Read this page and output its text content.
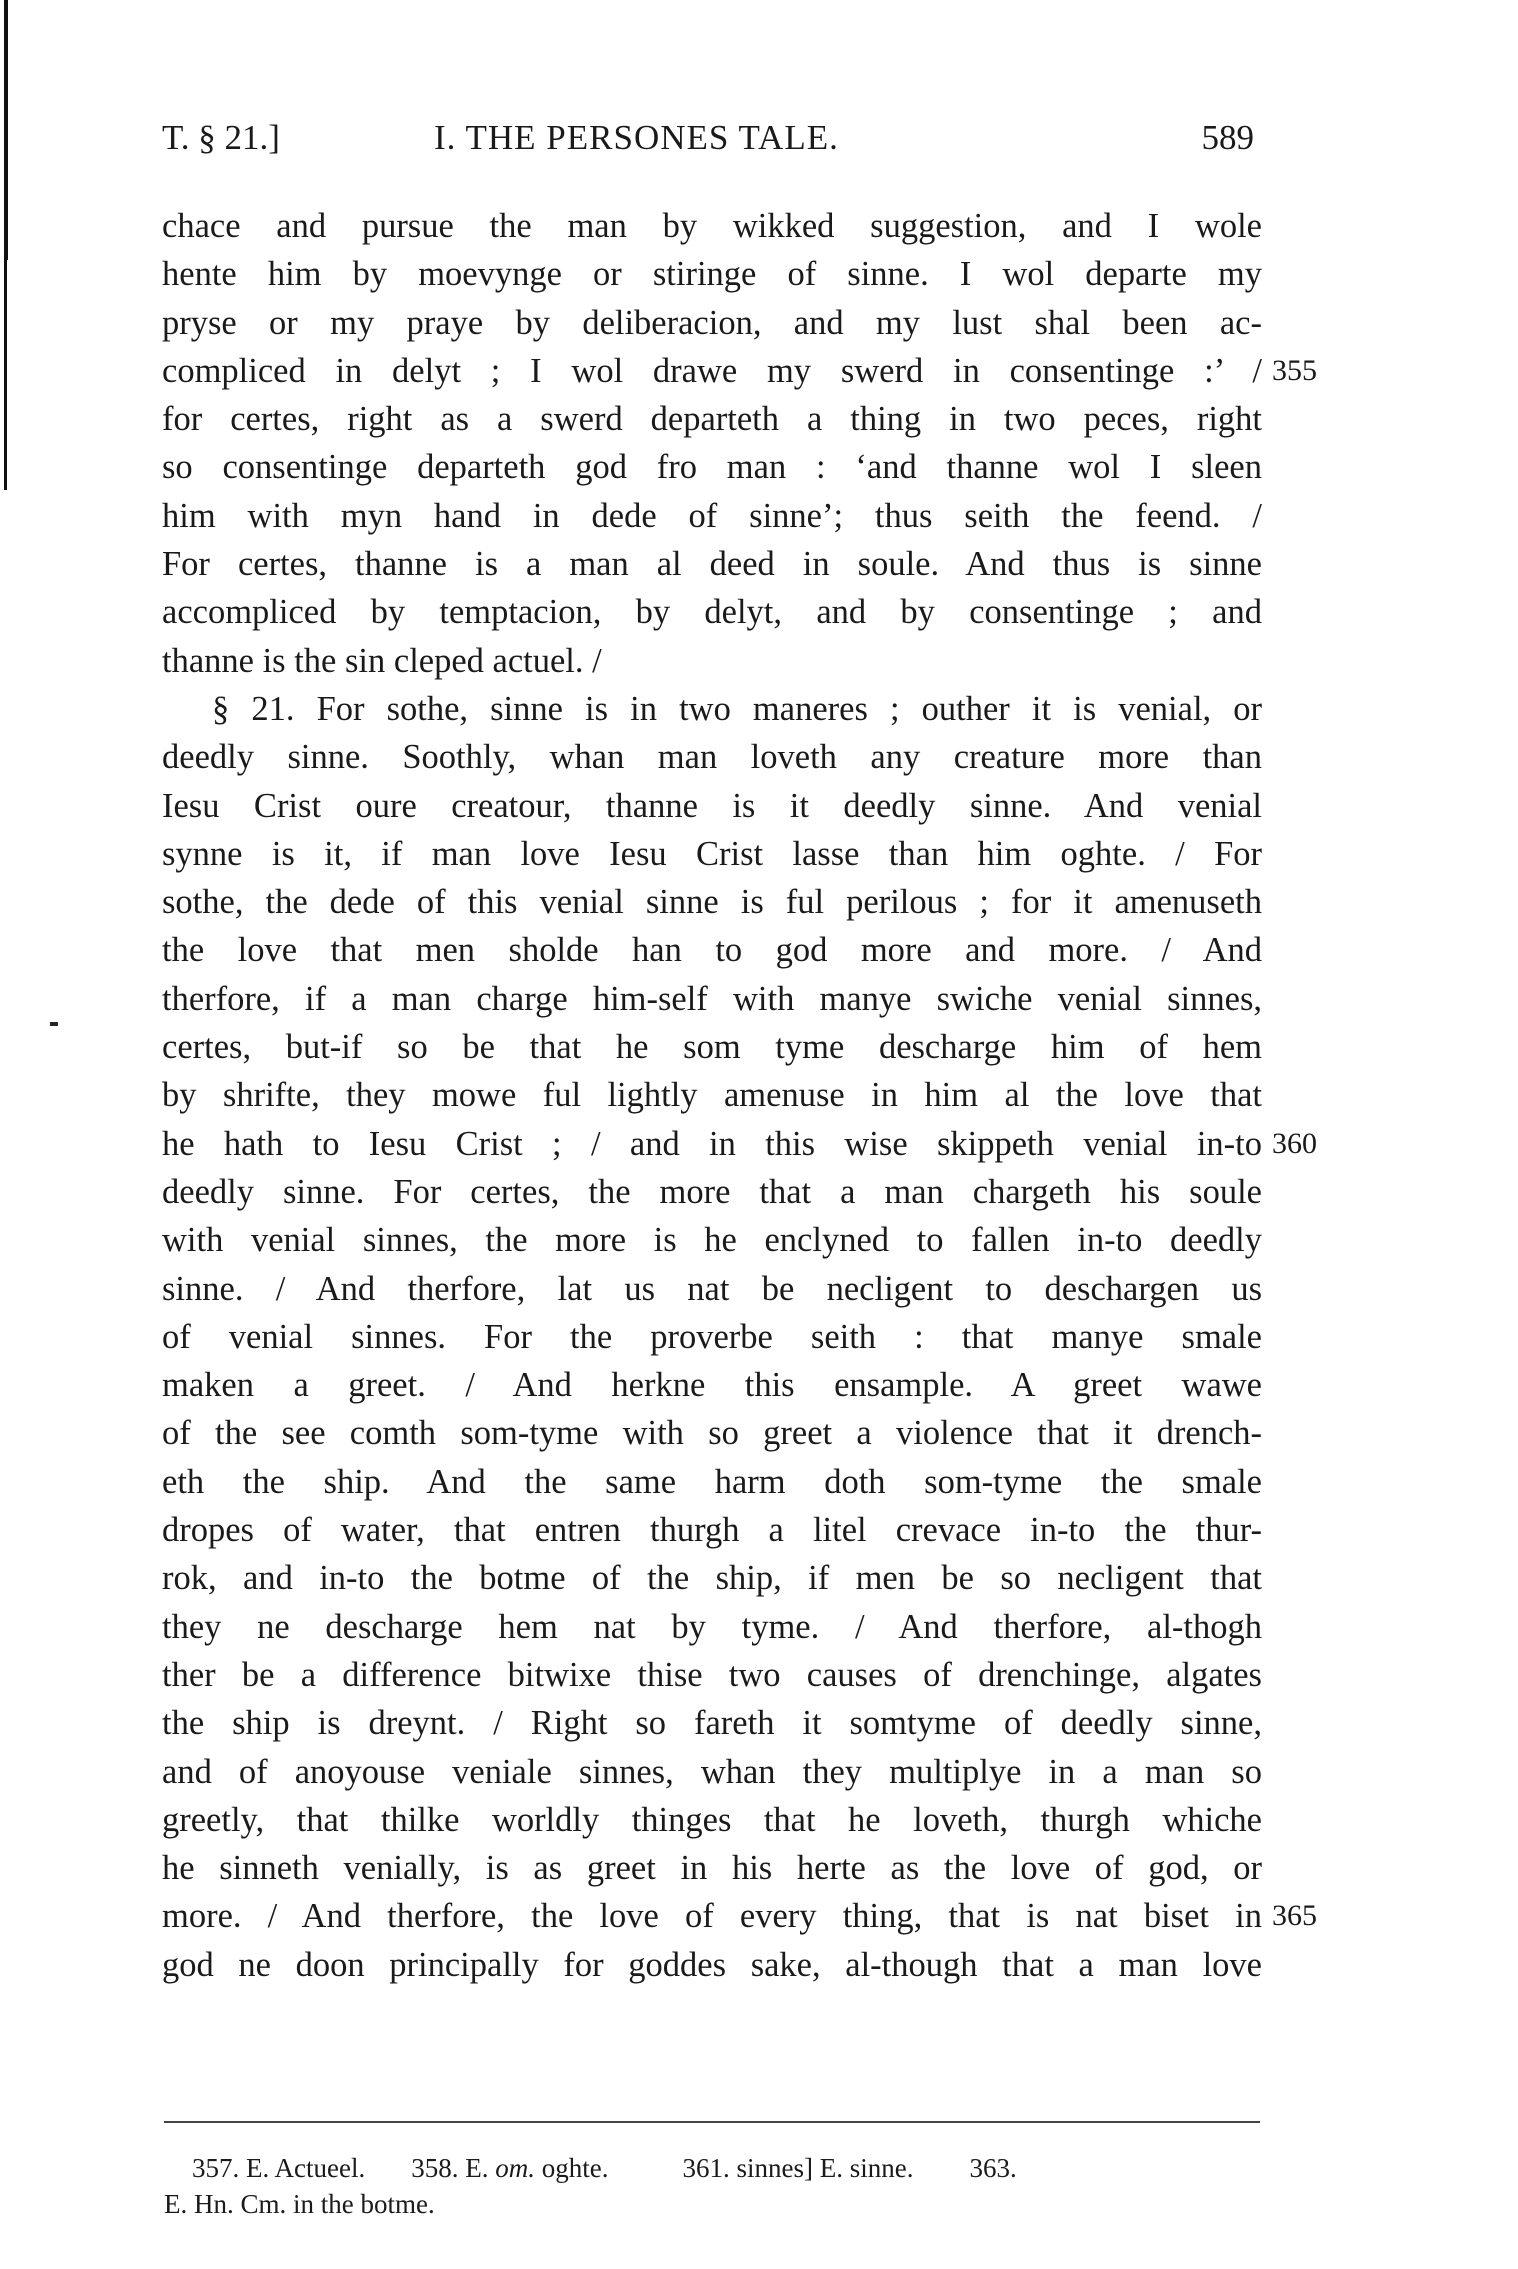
T. § 21.]	I. THE PERSONES TALE.	589
chace and pursue the man by wikked suggestion, and I wole
hente him by moevynge or stiringe of sinne. I wol departe my
pryse or my praye by deliberacion, and my lust shal been ac-
compliced in delyt ; I wol drawe my swerd in consentinge :’ / 355
for certes, right as a swerd departeth a thing in two peces, right
so consentinge departeth god fro man : ‘and thanne wol I sleen
him with myn hand in dede of sinne’; thus seith the feend. /
For certes, thanne is a man al deed in soule. And thus is sinne
accompliced by temptacion, by delyt, and by consentinge ; and
thanne is the sin cleped actuel. /
§ 21. For sothe, sinne is in two maneres ; outher it is venial, or
deedly sinne. Soothly, whan man loveth any creature more than
Iesu Crist oure creatour, thanne is it deedly sinne. And venial
synne is it, if man love Iesu Crist lasse than him oghte. / For
sothe, the dede of this venial sinne is ful perilous ; for it amenuseth
the love that men sholde han to god more and more. / And
therfore, if a man charge him-self with manye swiche venial sinnes,
certes, but-if so be that he som tyme descharge him of hem
by shrifte, they mowe ful lightly amenuse in him al the love that
he hath to Iesu Crist ; / and in this wise skippeth venial in-to 360
deedly sinne. For certes, the more that a man chargeth his soule
with venial sinnes, the more is he enclyned to fallen in-to deedly
sinne. / And therfore, lat us nat be necligent to deschargen us
of venial sinnes. For the proverbe seith : that manye smale
maken a greet. / And herkne this ensample. A greet wawe
of the see comth som-tyme with so greet a violence that it drench-
eth the ship. And the same harm doth som-tyme the smale
dropes of water, that entren thurgh a litel crevace in-to the thur-
rok, and in-to the botme of the ship, if men be so necligent that
they ne descharge hem nat by tyme. / And therfore, al-thogh
ther be a difference bitwixe thise two causes of drenchinge, algates
the ship is dreynt. / Right so fareth it somtyme of deedly sinne,
and of anoyouse veniale sinnes, whan they multiplye in a man so
greetly, that thilke worldly thinges that he loveth, thurgh whiche
he sinneth venially, is as greet in his herte as the love of god, or
more. / And therfore, the love of every thing, that is nat biset in 365
god ne doon principally for goddes sake, al-though that a man love
357. E. Actueel. 358. E. om. oghte.	361. sinnes] E. sinne. 363.
E. Hn. Cm. in the botme.
